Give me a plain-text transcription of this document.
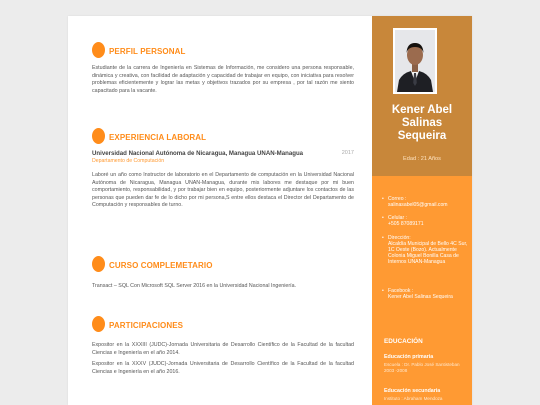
PERFIL PERSONAL

Estudiante de la carrera de Ingeniería en Sistemas de Información, me considero una persona responsable, dinámica y creativa, con facilidad de adaptación y capacidad de trabajar en equipo, con iniciativa para resolver problemas eficientemente y lograr las metas y objetivos trazados por su empresa , por tal razón me siento capacitado para la vacante.

EXPERIENCIA LABORAL
Universidad Nacional Autónoma de Nicaragua, Managua UNAN-Managua	2017
Departamento de Computación

Laboré un año como Instructor de laboratorio en el Departamento de computación en la Universidad Nacional Autónoma de Nicaragua, Managua UNAN-Managua, durante mis labores me destaque por mi buen comportamiento, responsabilidad, y por trabajar bien en equipo, posteriormente adjuntare los contactos de las personas que pueden dar fe de lo dicho por mi persona,S entre ellos destaca el Director del Departamento de Computación y responsables de turno.

CURSO COMPLEMETARIO

Transact – SQL Con Microsoft SQL Server 2016 en la Universidad Nacional Ingeniería.

PARTICIPACIONES

Expositor en la XXXIII (JUDC)-Jornada Universitaria de Desarrollo Científico de la Facultad de la facultad Ciencias e Ingeniería en el año 2014.

Expositor en la XXXV (JUDC)-Jornada Universitaria de Desarrollo Científico de la Facultad de la facultad Ciencias e Ingeniería en el año 2016.

Kener Abel
Salinas
Sequeira
Edad : 21 Años
• Correo :
salinasabel05@gmail.com
• Celular :
+505 87089171
• Dirección:
Alcaldía Municipal de Bello 4C Sur, 1C Oeste (Bozo). Actualmente Colonia Miguel Bonilla Casa de Internos UNAN-Managua
• Facebook :
Kener Abel Salinas Sequeira
EDUCACIÓN
Educación primaria
Escuela : Dr. Pablo José Santisteban
2003 -2008
Educación secundaria
Instituto : Abraham Mendoza
